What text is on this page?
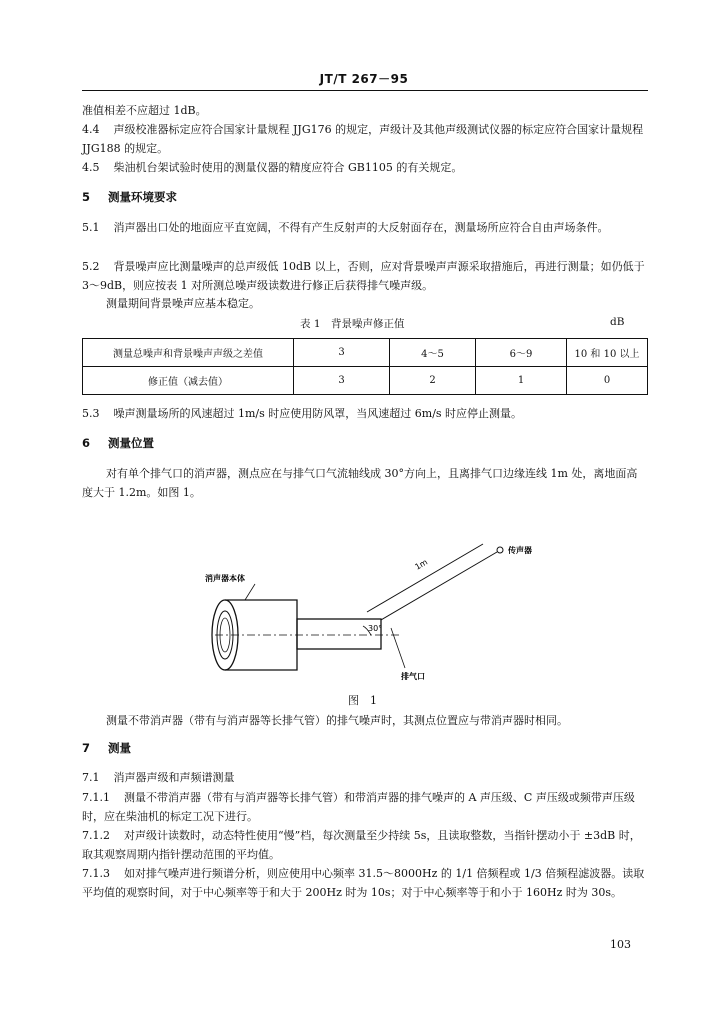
JT/T 267－95

准值相差不应超过 1dB。

4.4 声级校准器标定应符合国家计量规程 JJG176 的规定，声级计及其他声级测试仪器的标定应符合国家计量规程 JJG188 的规定。

4.5 柴油机台架试验时使用的测量仪器的精度应符合 GB1105 的有关规定。

5 测量环境要求

5.1 消声器出口处的地面应平直宽阔，不得有产生反射声的大反射面存在，测量场所应符合自由声场条件。

5.2 背景噪声应比测量噪声的总声级低 10dB 以上，否则，应对背景噪声声源采取措施后，再进行测量；如仍低于 3～9dB，则应按表 1 对所测总噪声级读数进行修正后获得排气噪声级。

测量期间背景噪声应基本稳定。

表 1　背景噪声修正值	dB
测量总噪声和背景噪声声级之差值	3	4～5	6～9	10 和 10 以上
修正值（减去值）	3	2	1	0

5.3 噪声测量场所的风速超过 1m/s 时应使用防风罩，当风速超过 6m/s 时应停止测量。

6 测量位置

对有单个排气口的消声器，测点应在与排气口气流轴线成 30°方向上，且离排气口边缘连线 1m 处，离地面高度大于 1.2m。如图 1。

传声器
消声器本体
排气口
1m
30°
图　1

测量不带消声器（带有与消声器等长排气管）的排气噪声时，其测点位置应与带消声器时相同。

7 测量

7.1 消声器声级和声频谱测量

7.1.1 测量不带消声器（带有与消声器等长排气管）和带消声器的排气噪声的 A 声压级、C 声压级或频带声压级时，应在柴油机的标定工况下进行。

7.1.2 对声级计读数时，动态特性使用“慢”档，每次测量至少持续 5s，且读取整数，当指针摆动小于 ±3dB 时，取其观察周期内指针摆动范围的平均值。

7.1.3 如对排气噪声进行频谱分析，则应使用中心频率 31.5～8000Hz 的 1/1 倍频程或 1/3 倍频程滤波器。读取平均值的观察时间，对于中心频率等于和大于 200Hz 时为 10s；对于中心频率等于和小于 160Hz 时为 30s。

103
